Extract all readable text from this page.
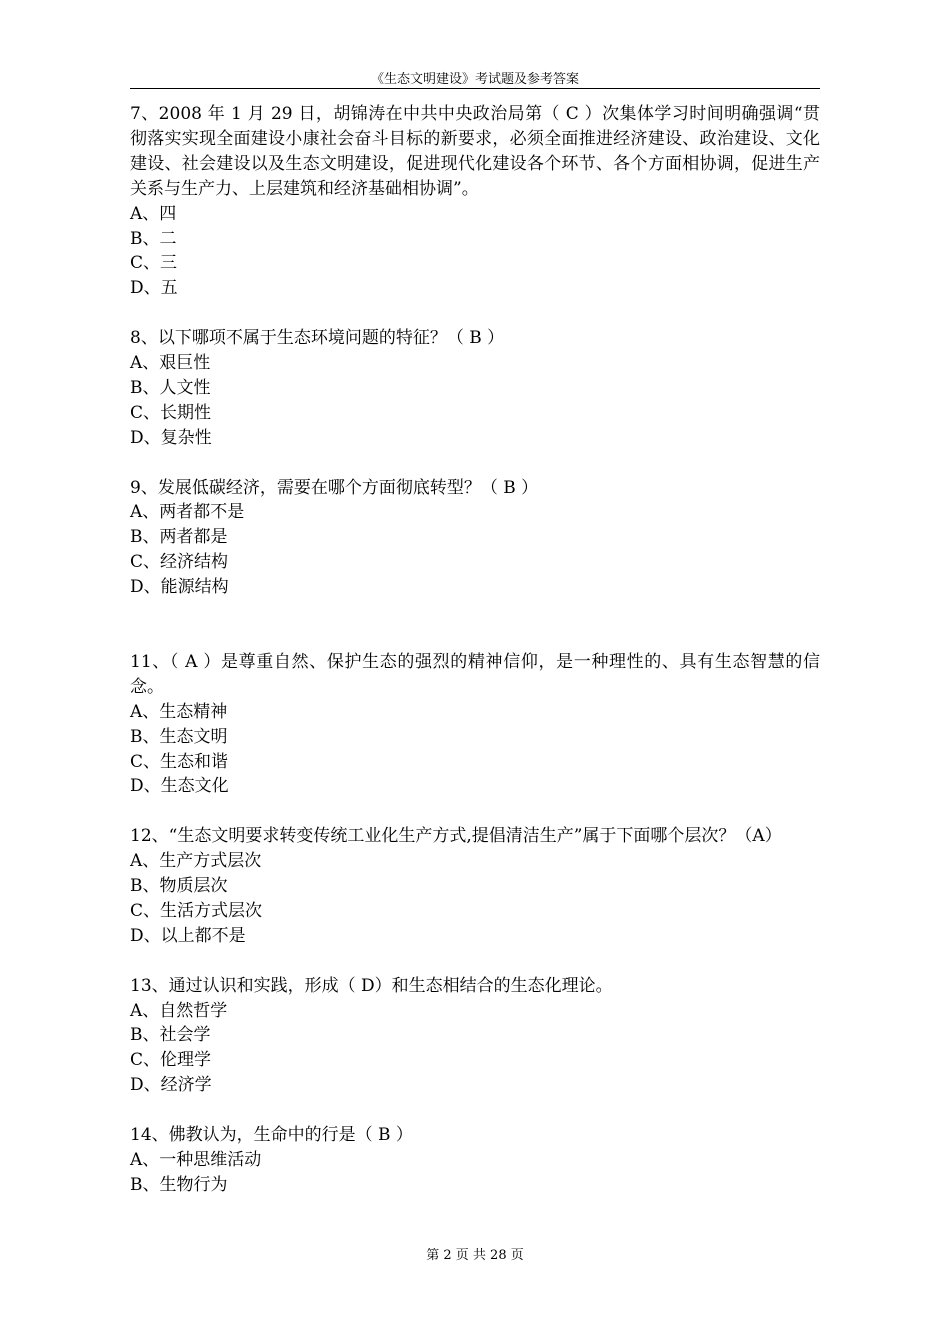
《生态文明建设》考试题及参考答案

7、2008 年 1 月 29 日，胡锦涛在中共中央政治局第（ C ）次集体学习时间明确强调“贯彻落实实现全面建设小康社会奋斗目标的新要求，必须全面推进经济建设、政治建设、文化建设、社会建设以及生态文明建设，促进现代化建设各个环节、各个方面相协调，促进生产关系与生产力、上层建筑和经济基础相协调”。

A、四

B、二

C、三

D、五

8、以下哪项不属于生态环境问题的特征？（ B ）

A、艰巨性

B、人文性

C、长期性

D、复杂性

9、发展低碳经济，需要在哪个方面彻底转型？（ B ）

A、两者都不是

B、两者都是

C、经济结构

D、能源结构

11、（ A ）是尊重自然、保护生态的强烈的精神信仰，是一种理性的、具有生态智慧的信念。

A、生态精神

B、生态文明

C、生态和谐

D、生态文化

12、“生态文明要求转变传统工业化生产方式,提倡清洁生产”属于下面哪个层次？（A）

A、生产方式层次

B、物质层次

C、生活方式层次

D、以上都不是

13、通过认识和实践，形成（ D）和生态相结合的生态化理论。

A、自然哲学

B、社会学

C、伦理学

D、经济学

14、佛教认为，生命中的行是（ B ）

A、一种思维活动

B、生物行为

第 2 页 共 28 页
